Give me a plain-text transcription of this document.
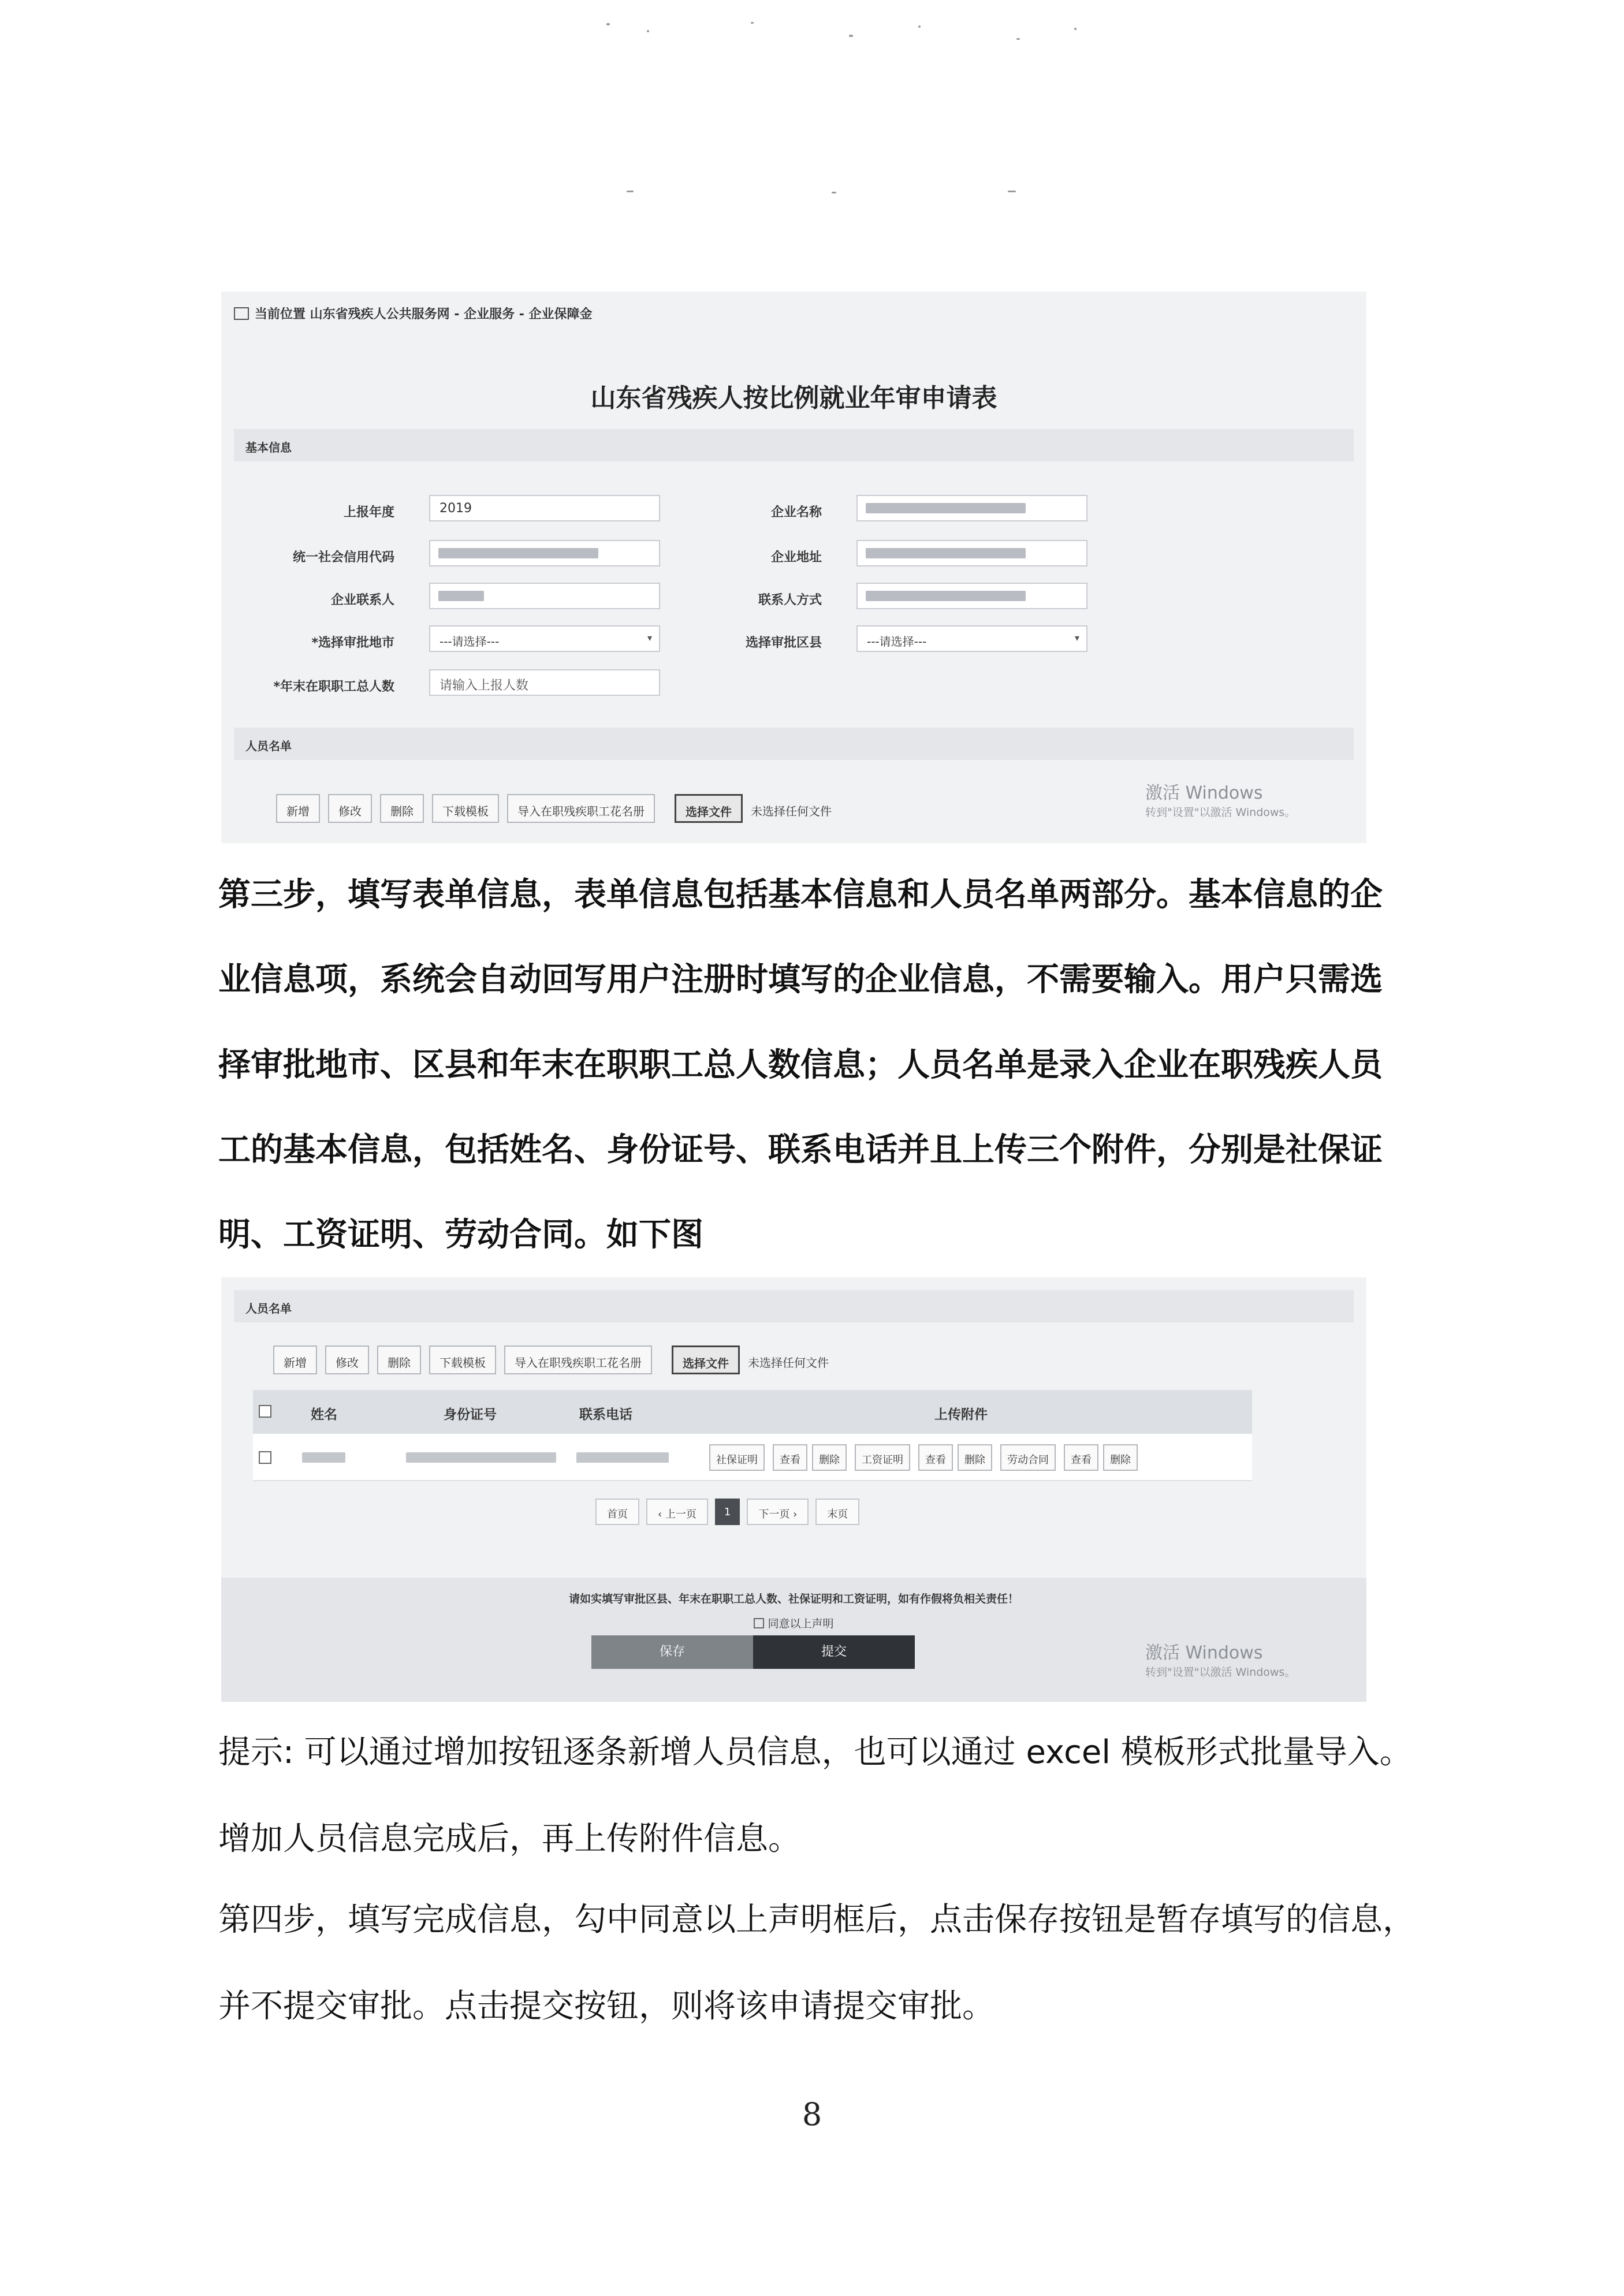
当前位置 山东省残疾人公共服务网 - 企业服务 - 企业保障金
山东省残疾人按比例就业年审申请表
基本信息
上报年度	2019	企业名称
统一社会信用代码	企业地址
企业联系人	联系人方式
*选择审批地市	---请选择---	▾	选择审批区县	---请选择---	▾
*年末在职职工总人数	请输入上报人数
人员名单
新增	修改	删除	下载模板	导入在职残疾职工花名册	选择文件	未选择任何文件
激活 Windows
转到"设置"以激活 Windows。
第三步，填写表单信息，表单信息包括基本信息和人员名单两部分。基本信息的企
业信息项，系统会自动回写用户注册时填写的企业信息，不需要输入。用户只需选
择审批地市、区县和年末在职职工总人数信息；人员名单是录入企业在职残疾人员
工的基本信息，包括姓名、身份证号、联系电话并且上传三个附件，分别是社保证
明、工资证明、劳动合同。如下图
人员名单
新增	修改	删除	下载模板	导入在职残疾职工花名册	选择文件	未选择任何文件
姓名	身份证号	联系电话	上传附件
社保证明	查看	删除	工资证明	查看	删除	劳动合同	查看	删除
首页	‹ 上一页	1	下一页 ›	末页
请如实填写审批区县、年末在职职工总人数、社保证明和工资证明，如有作假将负相关责任！
同意以上声明
保存	提交	激活 Windows
转到"设置"以激活 Windows。
提示: 可以通过增加按钮逐条新增人员信息，也可以通过 excel 模板形式批量导入。
增加人员信息完成后，再上传附件信息。
第四步，填写完成信息，勾中同意以上声明框后，点击保存按钮是暂存填写的信息，
并不提交审批。点击提交按钮，则将该申请提交审批。
8
